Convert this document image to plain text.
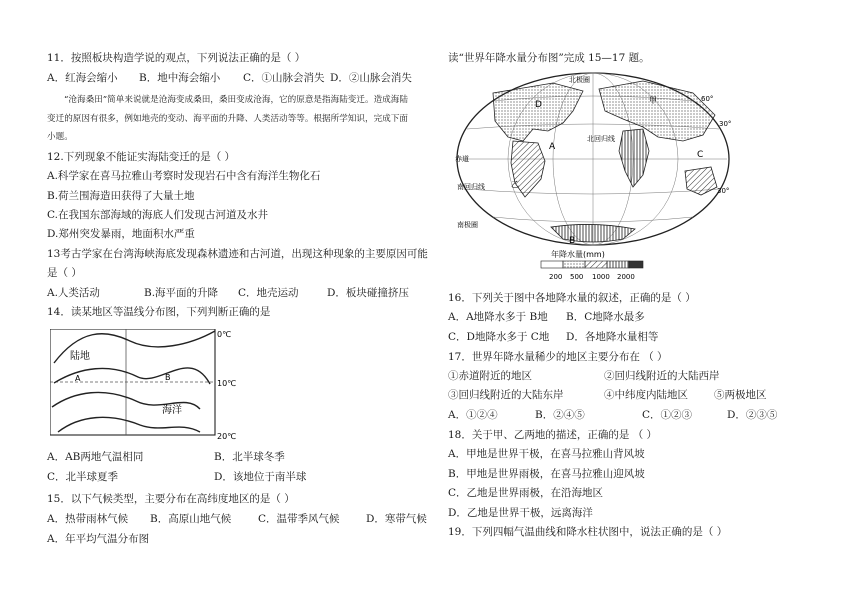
11．按照板块构造学说的观点，下列说法正确的是（ ）
A．红海会缩小 B．地中海会缩小 C．①山脉会消失 D．②山脉会消失
“沧海桑田”简单来说就是沧海变成桑田，桑田变成沧海，它的原意是指海陆变迁。造成海陆
变迁的原因有很多，例如地壳的变动、海平面的升降、人类活动等等。根据所学知识，完成下面
小题。
12.下列现象不能证实海陆变迁的是（ ）
A.科学家在喜马拉雅山考察时发现岩石中含有海洋生物化石
B.荷兰围海造田获得了大量土地
C.在我国东部海域的海底人们发现古河道及水井
D.郑州突发暴雨，地面积水严重
13考古学家在台湾海峡海底发现森林遗迹和古河道，出现这种现象的主要原因可能
是（ ）
A.人类活动	B.海平面的升降 C．地壳运动	D．板块碰撞挤压
14．读某地区等温线分布图，下列判断正确的是
陆地
海洋
A	B
0℃
10℃
20℃
A．AB两地气温相同	B．北半球冬季
C．北半球夏季	D．该地位于南半球
15．以下气候类型，主要分布在高纬度地区的是（ ）
A．热带雨林气候 B．高原山地气候	C．温带季风气候	D．寒带气候
A．年平均气温分布图
读“世界年降水量分布图”完成 15—17 题。
年降水量(mm)
200 500 1000 2000
赤道
南回归线
南极圈
北回归线
北极圈
30°
30°
60°
A
B
C
D	甲
乙
16．下列关于图中各地降水量的叙述，正确的是（ ）
A．A地降水多于 B地 B．C地降水最多
C．D地降水多于 C地 D．各地降水量相等
17．世界年降水量稀少的地区主要分布在 （ ）
①赤道附近的地区	②回归线附近的大陆西岸
③回归线附近的大陆东岸	④中纬度内陆地区 ⑤两极地区
A．①②④	B．②④⑤	C．①②③	D．②③⑤
18．关于甲、乙两地的描述，正确的是 （ ）
A．甲地是世界干极，在喜马拉雅山背风坡
B．甲地是世界雨极，在喜马拉雅山迎风坡
C．乙地是世界雨极，在沿海地区
D．乙地是世界干极，远离海洋
19．下列四幅气温曲线和降水柱状图中，说法正确的是（ ）
